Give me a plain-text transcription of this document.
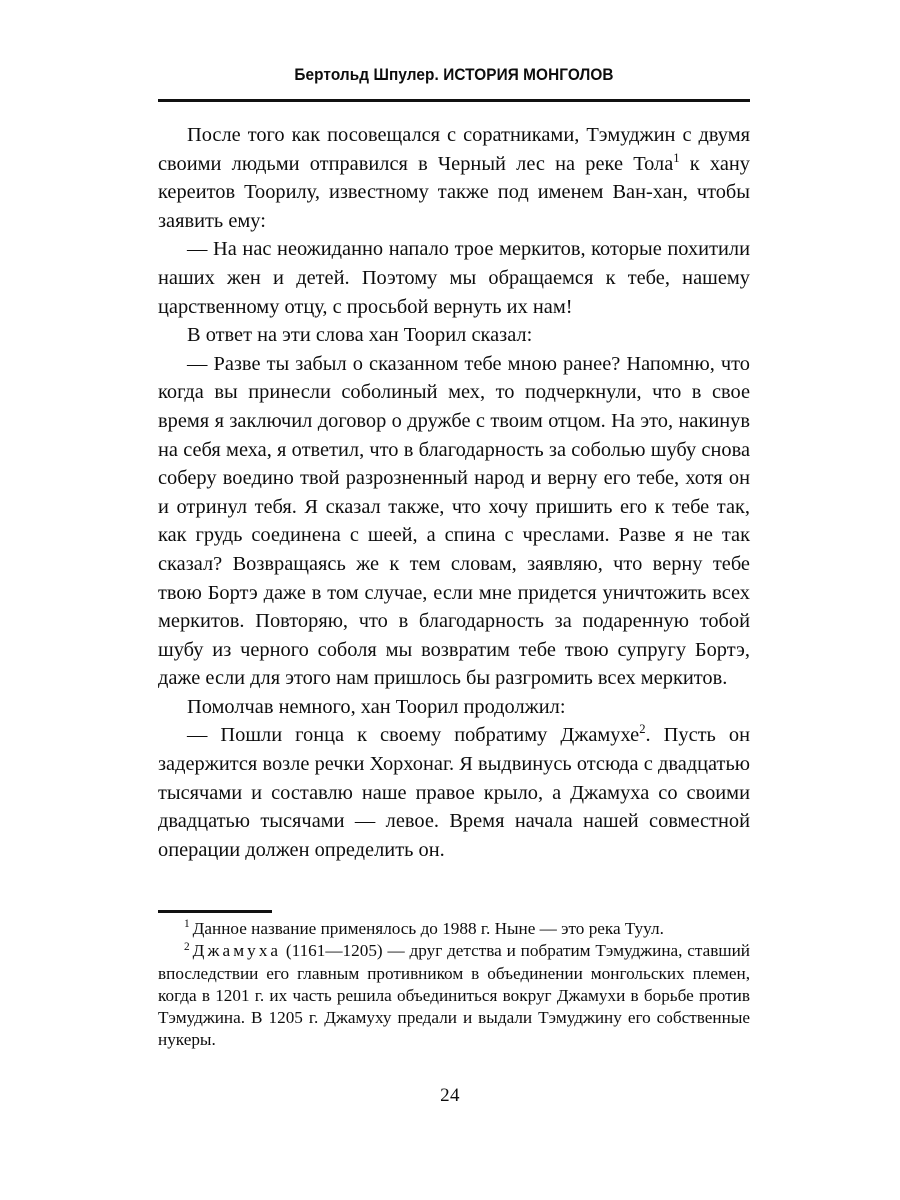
Бертольд Шпулер. ИСТОРИЯ МОНГОЛОВ

После того как посовещался с соратниками, Тэмуджин с двумя своими людьми отправился в Черный лес на реке Тола$^1$ к хану кереитов Тоорилу, известному также под именем Ван-хан, чтобы заявить ему:

— На нас неожиданно напало трое меркитов, которые похитили наших жен и детей. Поэтому мы обращаемся к тебе, нашему царственному отцу, с просьбой вернуть их нам!

В ответ на эти слова хан Тоорил сказал:

— Разве ты забыл о сказанном тебе мною ранее? Напомню, что когда вы принесли соболиный мех, то подчеркнули, что в свое время я заключил договор о дружбе с твоим отцом. На это, накинув на себя меха, я ответил, что в благодарность за соболью шубу снова соберу воедино твой разрозненный народ и верну его тебе, хотя он и отринул тебя. Я сказал также, что хочу пришить его к тебе так, как грудь соединена с шеей, а спина с чреслами. Разве я не так сказал? Возвращаясь же к тем словам, заявляю, что верну тебе твою Бортэ даже в том случае, если мне придется уничтожить всех меркитов. Повторяю, что в благодарность за подаренную тобой шубу из черного соболя мы возвратим тебе твою супругу Бортэ, даже если для этого нам пришлось бы разгромить всех меркитов.

Помолчав немного, хан Тоорил продолжил:

— Пошли гонца к своему побратиму Джамухе$^2$. Пусть он задержится возле речки Хорхонаг. Я выдвинусь отсюда с двадцатью тысячами и составлю наше правое крыло, а Джамуха со своими двадцатью тысячами — левое. Время начала нашей совместной операции должен определить он.

$^1$ Данное название применялось до 1988 г. Ныне — это река Туул.

$^2$ Джамуха (1161—1205) — друг детства и побратим Тэмуджина, ставший впоследствии его главным противником в объединении монгольских племен, когда в 1201 г. их часть решила объединиться вокруг Джамухи в борьбе против Тэмуджина. В 1205 г. Джамуху предали и выдали Тэмуджину его собственные нукеры.

24
